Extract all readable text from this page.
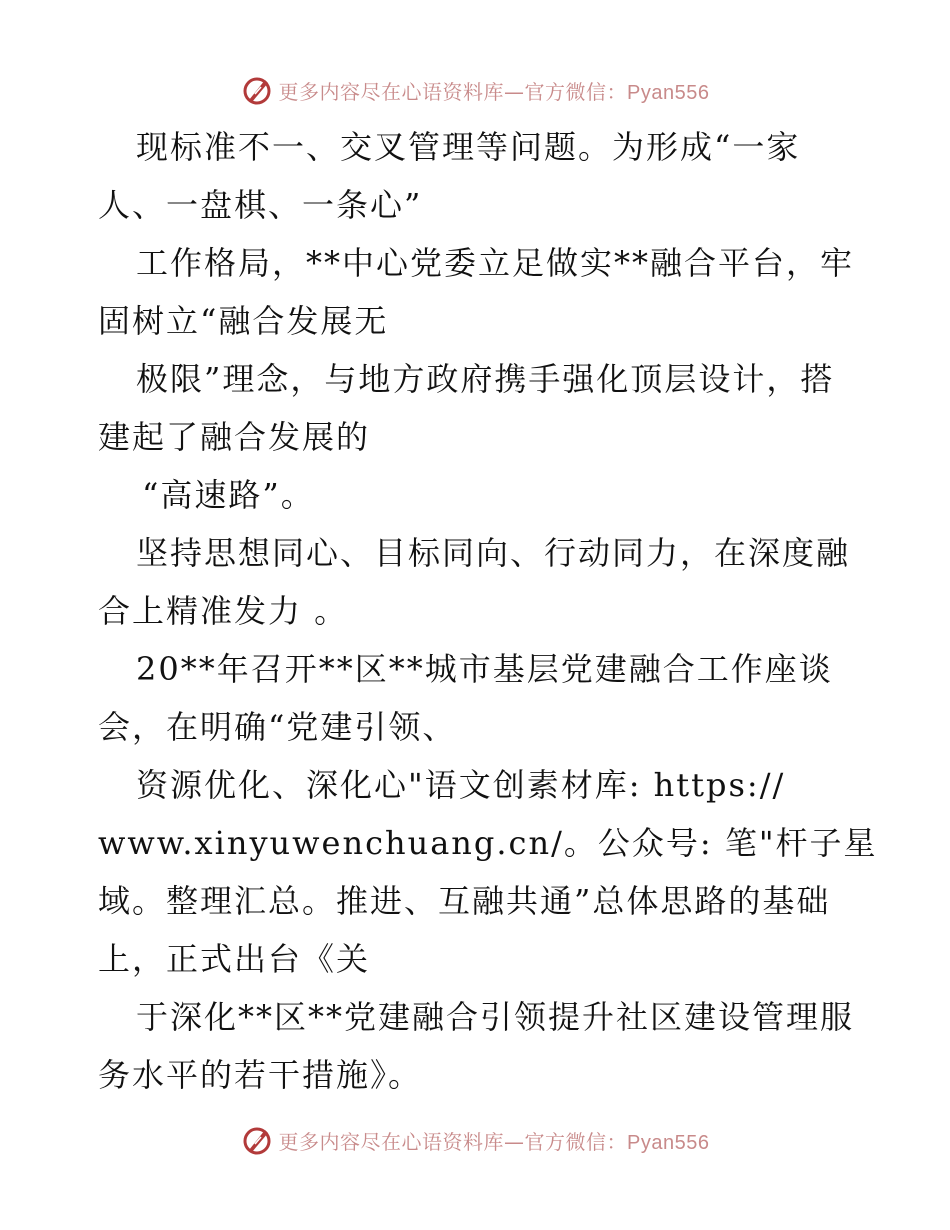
更多内容尽在心语资料库—官方微信：Pyan556
现标准不一、交叉管理等问题。为形成“一家
人、一盘棋、一条心”
工作格局，**中心党委立足做实**融合平台，牢
固树立“融合发展无
极限”理念，与地方政府携手强化顶层设计，搭
建起了融合发展的
“高速路”。
坚持思想同心、目标同向、行动同力，在深度融
合上精准发力 。
20**年召开**区**城市基层党建融合工作座谈
会，在明确“党建引领、
资源优化、深化心"语文创素材库: https://
www.xinyuwenchuang.cn/。公众号: 笔"杆子星
域。整理汇总。推进、互融共通”总体思路的基础
上，正式出台《关
于深化**区**党建融合引领提升社区建设管理服
务水平的若干措施》。
更多内容尽在心语资料库—官方微信：Pyan556
